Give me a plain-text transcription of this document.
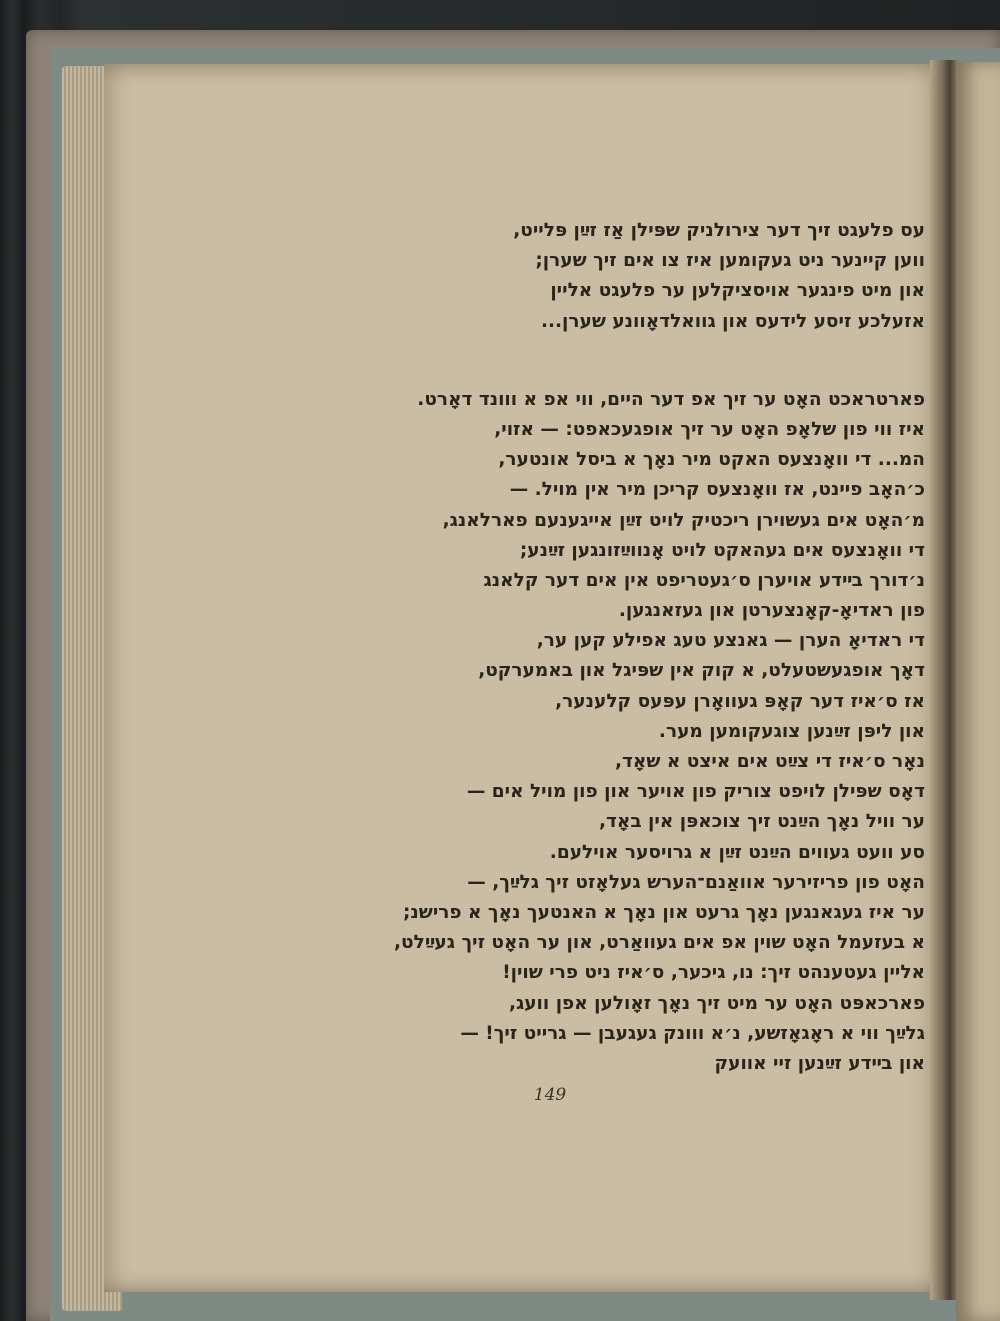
עס פלעגט זיך דער צירולניק שפּילן אַז זײַן פּלייט,
ווען קיינער ניט געקומען איז צו אים זיך שערן;
און מיט פינגער אויסציקלען ער פלעגט אליין
אזעלכע זיסע לידעס און גוואלדאָוונע שערן...
פארטראכט האָט ער זיך אפ דער היים, ווי אפ א ווונד דאָרט.
איז ווי פון שלאָפ האָט ער זיך אופגעכאפט: — אזוי,
המ... די וואָנצעס האקט מיר נאָך א ביסל אונטער,
כ׳האָב פיינט, אז וואָנצעס קריכן מיר אין מויל. —
מ׳האָט אים געשוירן ריכטיק לויט זײַן אייגענעם פארלאנג,
די וואָנצעס אים געהאקט לויט אָנווײַזונגען זײַנע;
נ׳דורך בײדע אויערן ס׳געטריפט אין אים דער קלאנג
פון ראדיאָ-קאָנצערטן און געזאנגען.
די ראדיאָ הערן — גאנצע טעג אפילע קען ער,
דאָך אופגעשטעלט, א קוק אין שפּיגל און באמערקט,
אז ס׳איז דער קאָפּ געוואָרן עפּעס קלענער,
און ליפּן זײַנען צוגעקומען מער.
נאָר ס׳איז די צײַט אים איצט א שאָד,
דאָס שפּילן לויפט צוריק פון אויער און פון מויל אים —
ער וויל נאָך הײַנט זיך צוכאפּן אין באָד,
סע וועט געווים הײַנט זײַן א גרויסער אוילעם.
האָט פון פריזירער אוואַנם־הערש געלאָזט זיך גלײַך, —
ער איז געגאנגען נאָך גרעט און נאָך א האנטעך נאָך א פרישנ;
א בעזעמל האָט שוין אפ אים געוואַרט, און ער האָט זיך געײַלט,
אליין געטענהט זיך: נו, גיכער, ס׳איז ניט פרי שוין!
פארכאפּט האָט ער מיט זיך נאָך זאָולען אפן וועג,
גלײַך ווי א ראָגאָזשע, נ׳א ווונק געגעבן — גרייט זיך! —
און בײדע זײַנען זיי אוועק
149
